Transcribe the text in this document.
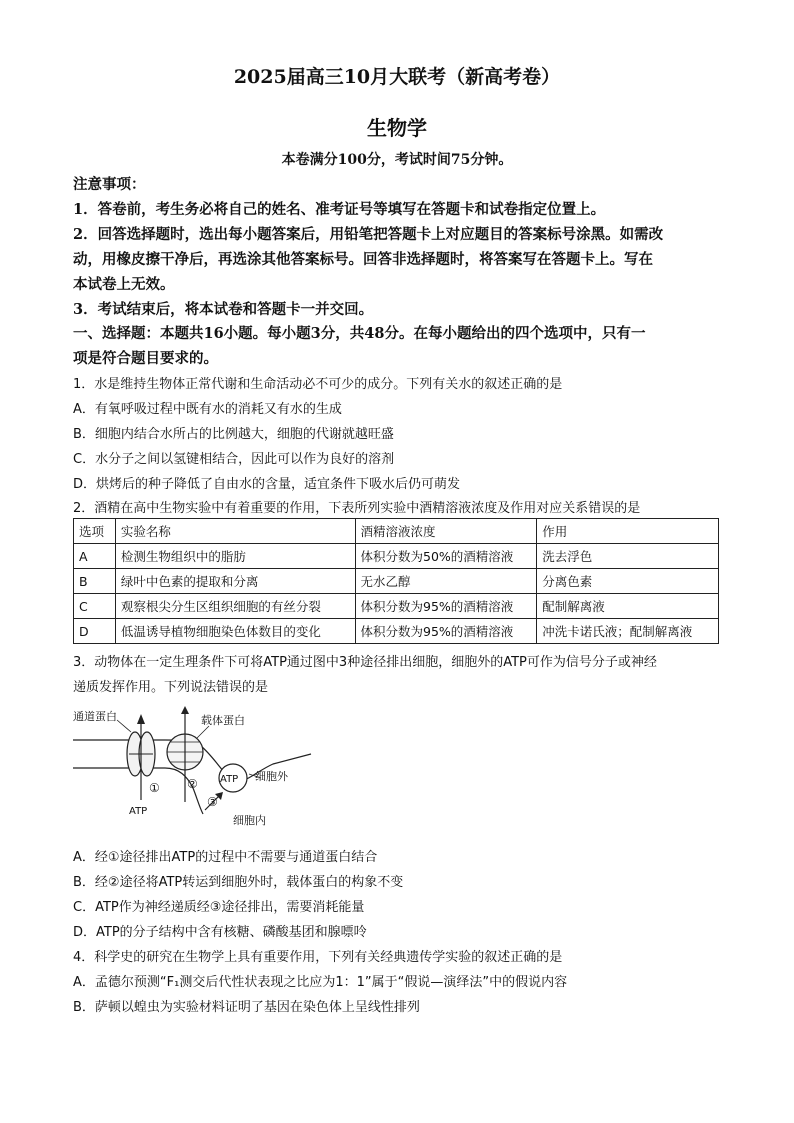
2025届高三10月大联考（新高考卷）
生物学
本卷满分100分，考试时间75分钟。
注意事项：
1．答卷前，考生务必将自己的姓名、准考证号等填写在答题卡和试卷指定位置上。
2．回答选择题时，选出每小题答案后，用铅笔把答题卡上对应题目的答案标号涂黑。如需改
动，用橡皮擦干净后，再选涂其他答案标号。回答非选择题时，将答案写在答题卡上。写在
本试卷上无效。
3．考试结束后，将本试卷和答题卡一并交回。
一、选择题：本题共16小题。每小题3分，共48分。在每小题给出的四个选项中，只有一
项是符合题目要求的。
1．水是维持生物体正常代谢和生命活动必不可少的成分。下列有关水的叙述正确的是
A．有氧呼吸过程中既有水的消耗又有水的生成
B．细胞内结合水所占的比例越大，细胞的代谢就越旺盛
C．水分子之间以氢键相结合，因此可以作为良好的溶剂
D．烘烤后的种子降低了自由水的含量，适宜条件下吸水后仍可萌发
2．酒精在高中生物实验中有着重要的作用，下表所列实验中酒精溶液浓度及作用对应关系错误的是
选项	实验名称	酒精溶液浓度	作用
A	检测生物组织中的脂肪	体积分数为50%的酒精溶液	洗去浮色
B	绿叶中色素的提取和分离	无水乙醇	分离色素
C	观察根尖分生区组织细胞的有丝分裂	体积分数为95%的酒精溶液	配制解离液
D	低温诱导植物细胞染色体数目的变化	体积分数为95%的酒精溶液	冲洗卡诺氏液；配制解离液
3．动物体在一定生理条件下可将ATP通过图中3种途径排出细胞，细胞外的ATP可作为信号分子或神经
递质发挥作用。下列说法错误的是
通道蛋白	载体蛋白
细胞外
细胞内
ATP
ATP
① ②
③
A．经①途径排出ATP的过程中不需要与通道蛋白结合
B．经②途径将ATP转运到细胞外时，载体蛋白的构象不变
C．ATP作为神经递质经③途径排出，需要消耗能量
D．ATP的分子结构中含有核糖、磷酸基团和腺嘌呤
4．科学史的研究在生物学上具有重要作用，下列有关经典遗传学实验的叙述正确的是
A．孟德尔预测“F₁测交后代性状表现之比应为1：1”属于“假说—演绎法”中的假说内容
B．萨顿以蝗虫为实验材料证明了基因在染色体上呈线性排列
